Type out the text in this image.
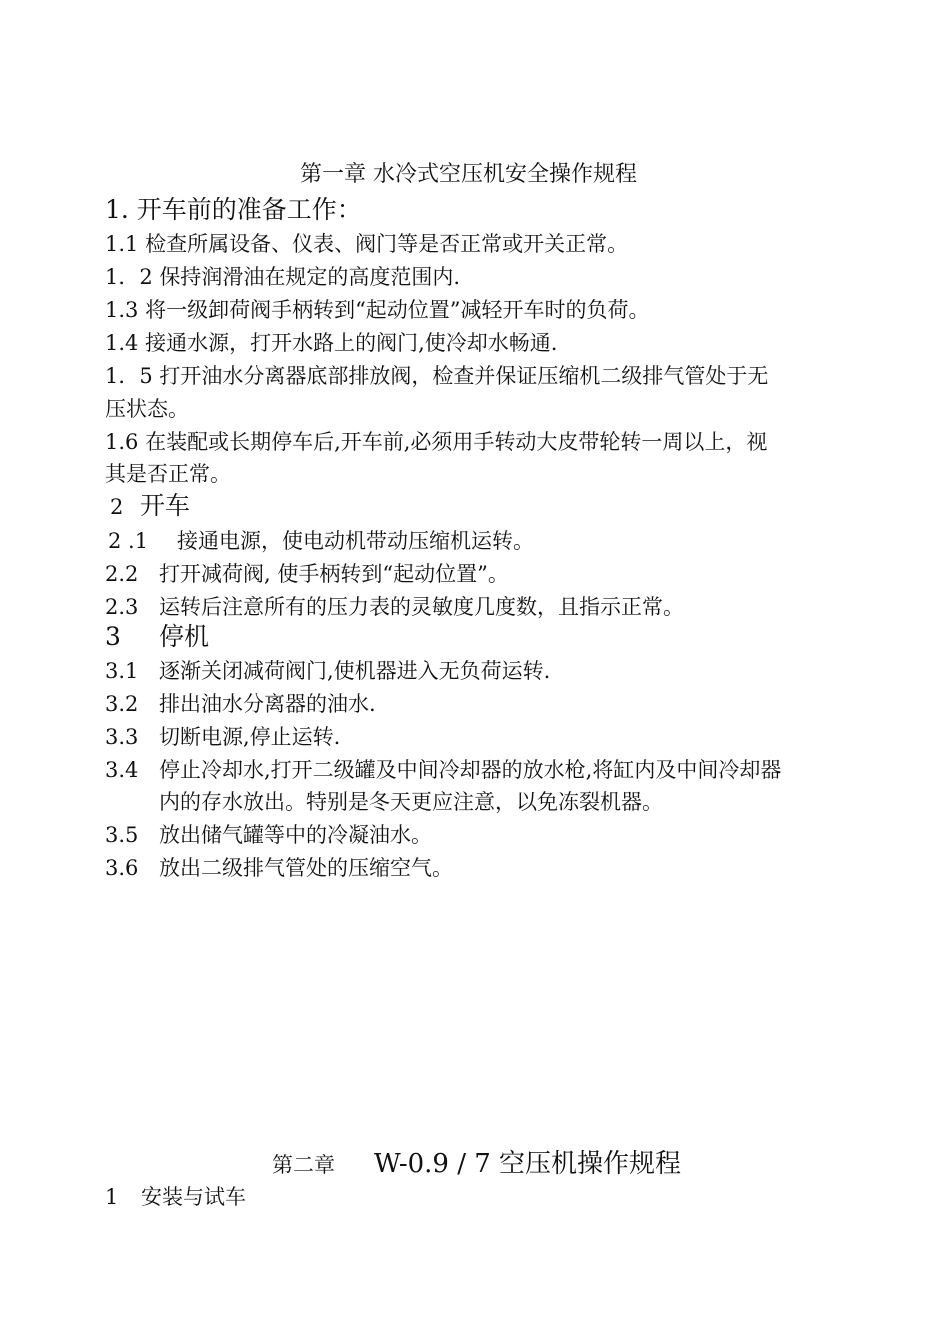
第一章 水冷式空压机安全操作规程
1. 开车前的准备工作：
1.1 检查所属设备、仪表、阀门等是否正常或开关正常。
1．2 保持润滑油在规定的高度范围内.
1.3 将一级卸荷阀手柄转到“起动位置”减轻开车时的负荷。
1.4 接通水源，打开水路上的阀门,使冷却水畅通.
1．5 打开油水分离器底部排放阀，检查并保证压缩机二级排气管处于无
压状态。
1.6 在装配或长期停车后,开车前,必须用手转动大皮带轮转一周以上，视
其是否正常。
2 开车
2 .1 接通电源，使电动机带动压缩机运转。
2.2 打开减荷阀, 使手柄转到“起动位置”。
2.3 运转后注意所有的压力表的灵敏度几度数，且指示正常。
3 停机
3.1 逐渐关闭减荷阀门,使机器进入无负荷运转.
3.2 排出油水分离器的油水.
3.3 切断电源,停止运转.
3.4 停止冷却水,打开二级罐及中间冷却器的放水枪,将缸内及中间冷却器
内的存水放出。特别是冬天更应注意，以免冻裂机器。
3.5 放出储气罐等中的冷凝油水。
3.6 放出二级排气管处的压缩空气。
第二章 W-0.9 / 7 空压机操作规程
1 安装与试车
